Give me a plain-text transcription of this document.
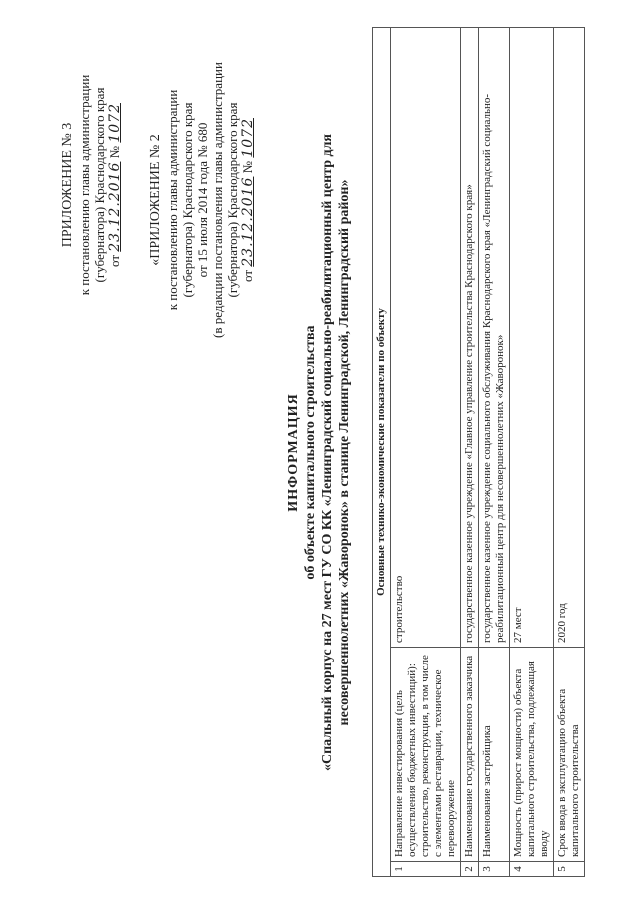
ПРИЛОЖЕНИЕ № 3 к постановлению главы администрации (губернатора) Краснодарского края от 23.12.2016 № 1072
«ПРИЛОЖЕНИЕ № 2 к постановлению главы администрации (губернатора) Краснодарского края от 15 июля 2014 года № 680 (в редакции постановления главы администрации (губернатора) Краснодарского края от 23.12.2016 № 1072
ИНФОРМАЦИЯ об объекте капитального строительства «Спальный корпус на 27 мест ГУ СО КК «Ленинградский социально-реабилитационный центр для несовершеннолетних «Жаворонок» в станице Ленинградской, Ленинградский район» Основные технико-экономические показатели по объекту		
1	Направление инвестирования (цель осуществления бюджетных инвестиций): строительство, реконструкция, в том числе с элементами реставрации, техническое перевооружение	строительство
2	Наименование государственного заказчика	государственное казенное учреждение «Главное управление строительства Краснодарского края»
3	Наименование застройщика	государственное казенное учреждение социального обслуживания Краснодарского края «Ленинградский социально-реабилитационный центр для несовершеннолетних «Жаворонок»
4	Мощность (прирост мощности) объекта капитального строительства, подлежащая вводу	27 мест
5	Срок ввода в эксплуатацию объекта капитального строительства	2020 год
